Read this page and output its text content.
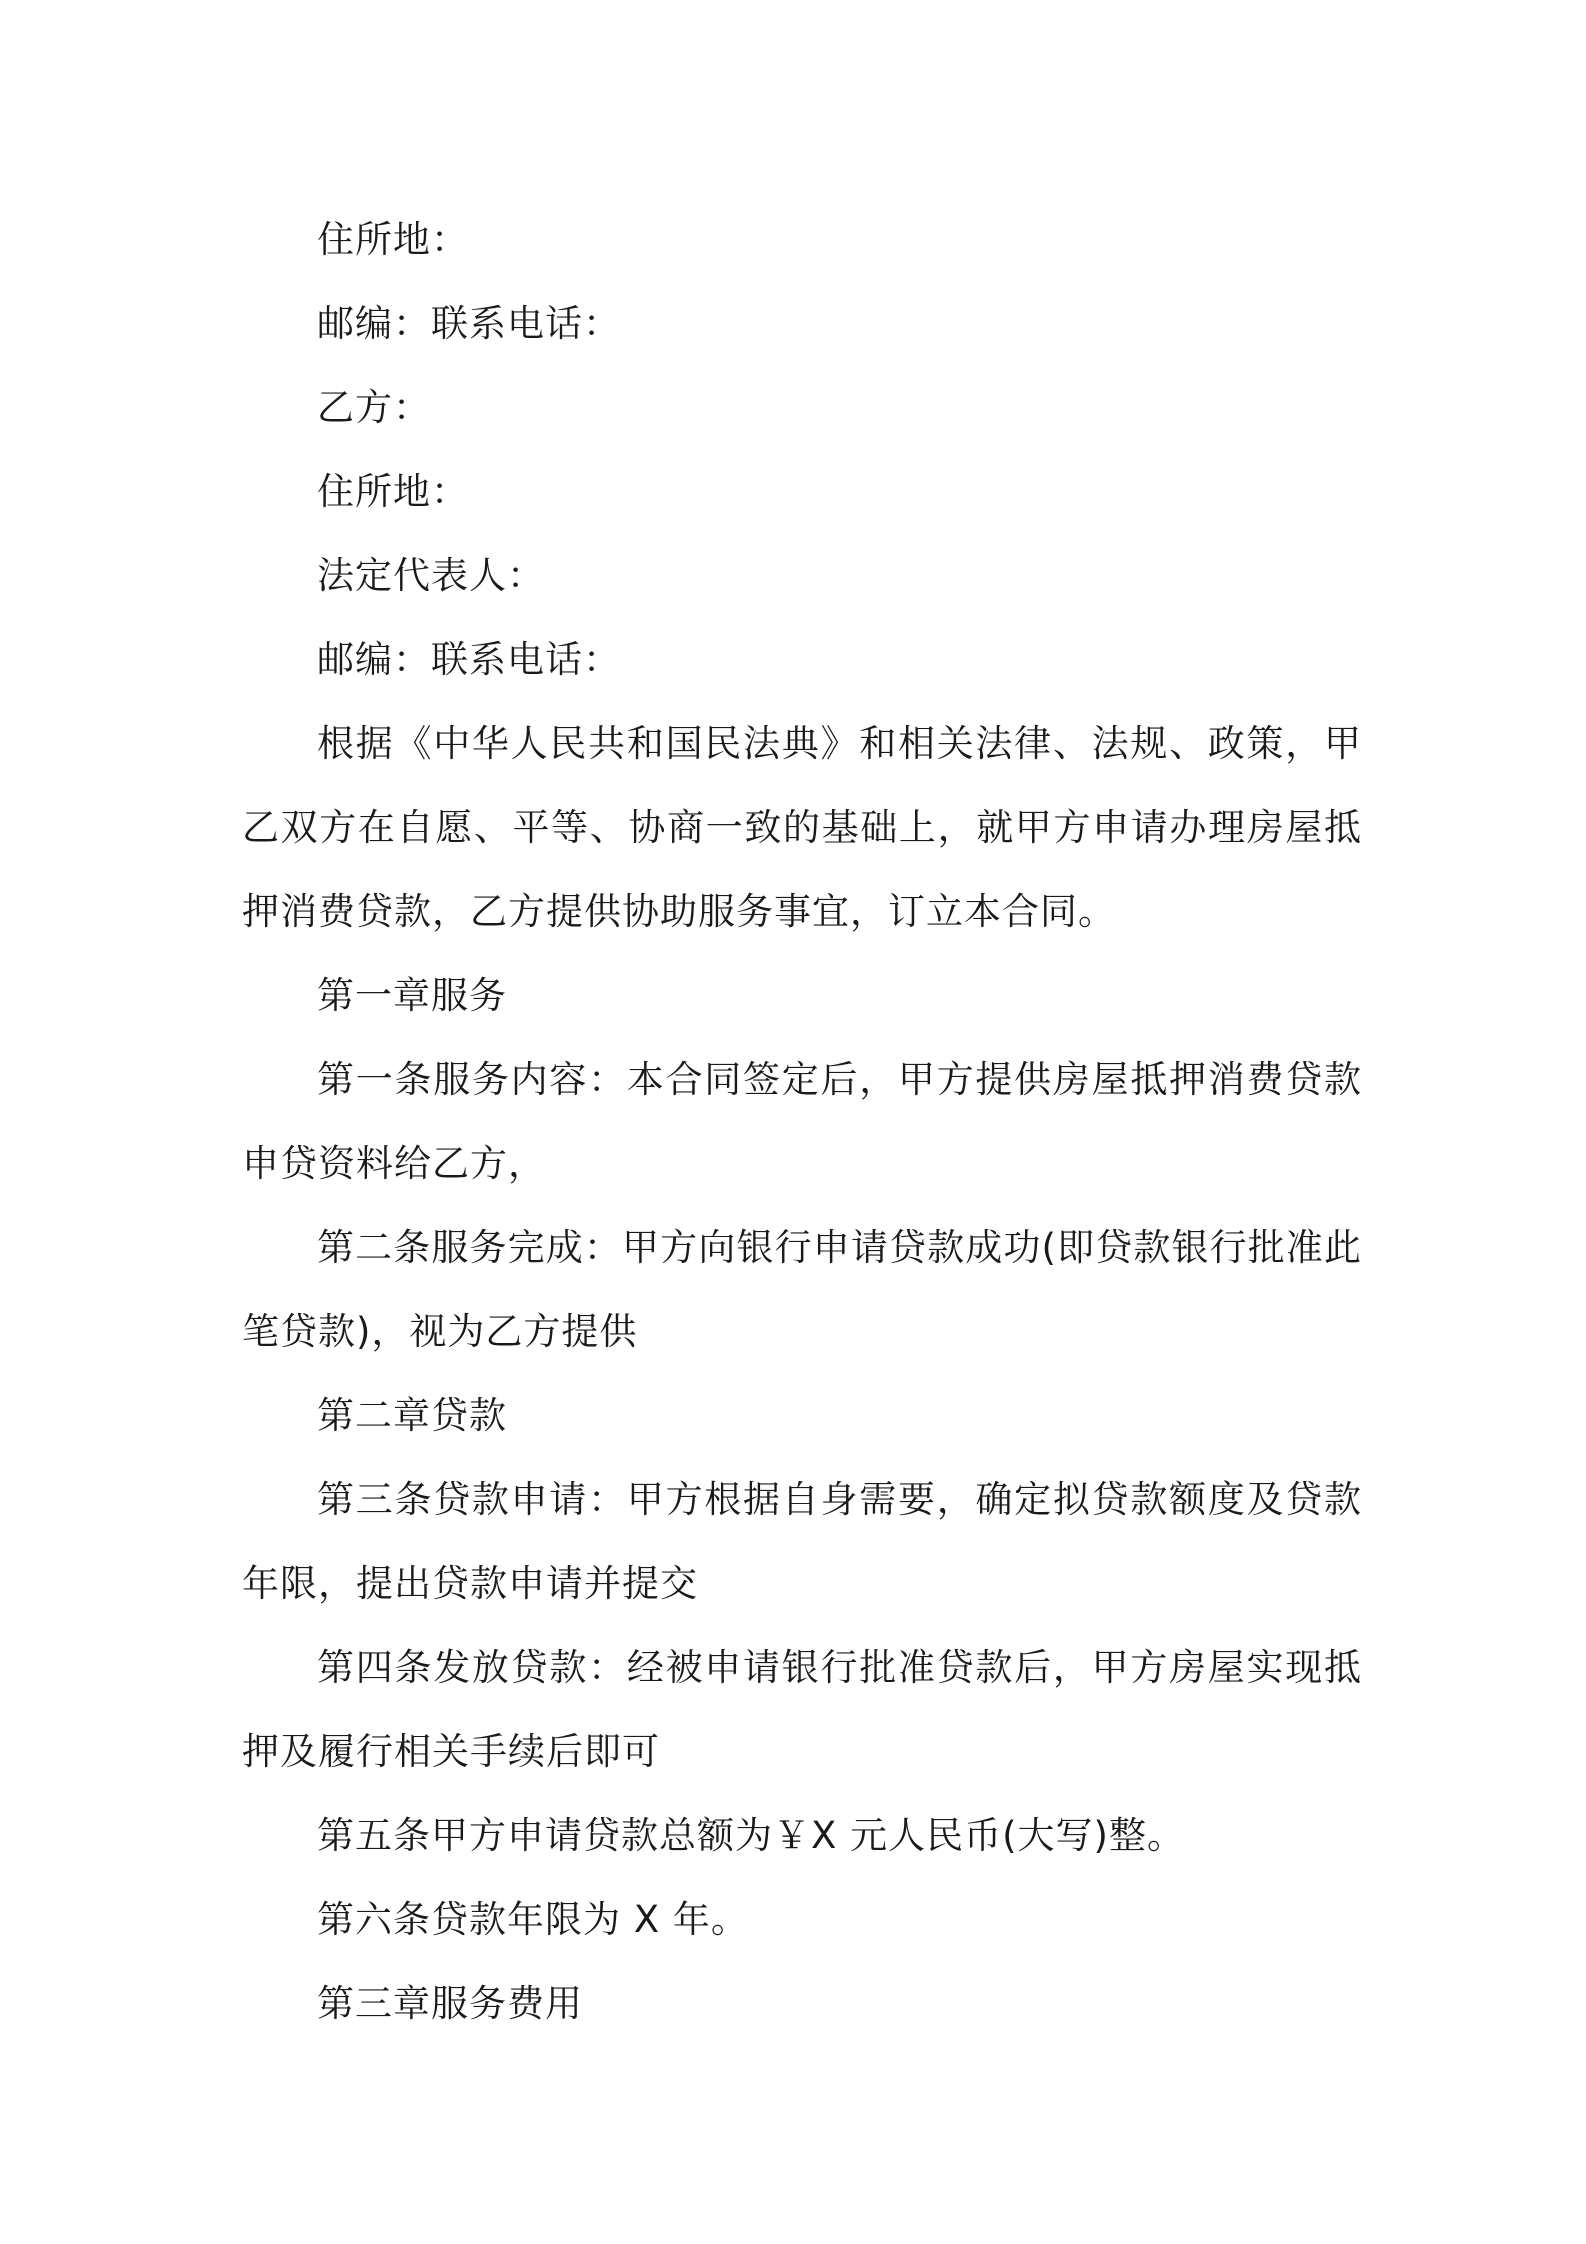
住所地：

邮编：联系电话：

乙方：

住所地：

法定代表人：

邮编：联系电话：

根据《中华人民共和国民法典》和相关法律、法规、政策，甲乙双方在自愿、平等、协商一致的基础上，就甲方申请办理房屋抵押消费贷款，乙方提供协助服务事宜，订立本合同。

第一章服务

第一条服务内容：本合同签定后，甲方提供房屋抵押消费贷款申贷资料给乙方，

第二条服务完成：甲方向银行申请贷款成功(即贷款银行批准此笔贷款)，视为乙方提供

第二章贷款

第三条贷款申请：甲方根据自身需要，确定拟贷款额度及贷款年限，提出贷款申请并提交

第四条发放贷款：经被申请银行批准贷款后，甲方房屋实现抵押及履行相关手续后即可

第五条甲方申请贷款总额为￥X 元人民币(大写)整。

第六条贷款年限为 X 年。

第三章服务费用
